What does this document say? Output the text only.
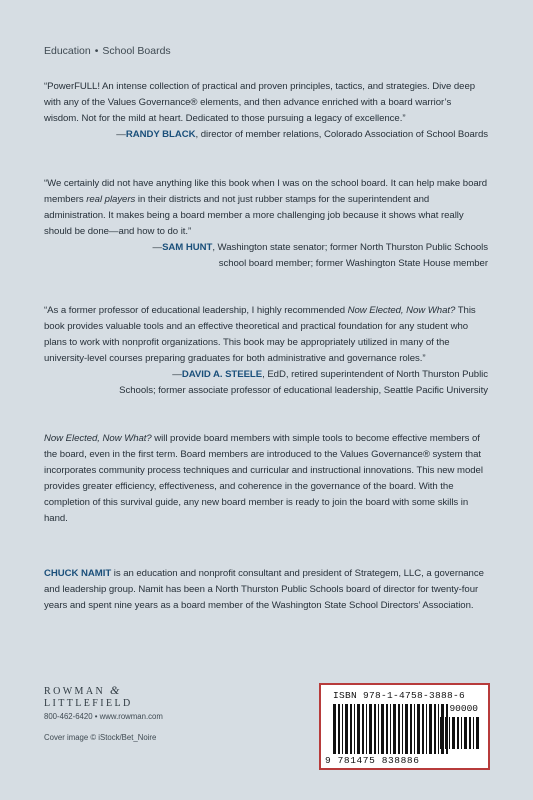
Education • School Boards
“PowerFULL! An intense collection of practical and proven principles, tactics, and strategies. Dive deep with any of the Values Governance® elements, and then advance enriched with a board warrior’s wisdom. Not for the mild at heart. Dedicated to those pursuing a legacy of excellence.”
—RANDY BLACK, director of member relations, Colorado Association of School Boards
“We certainly did not have anything like this book when I was on the school board. It can help make board members real players in their districts and not just rubber stamps for the superintendent and administration. It makes being a board member a more challenging job because it shows what really should be done—and how to do it.”
—SAM HUNT, Washington state senator; former North Thurston Public Schools
school board member; former Washington State House member
“As a former professor of educational leadership, I highly recommended Now Elected, Now What? This book provides valuable tools and an effective theoretical and practical foundation for any student who plans to work with nonprofit organizations. This book may be appropriately utilized in many of the university-level courses preparing graduates for both administrative and governance roles.”
—DAVID A. STEELE, EdD, retired superintendent of North Thurston Public
Schools; former associate professor of educational leadership, Seattle Pacific University
Now Elected, Now What? will provide board members with simple tools to become effective members of the board, even in the first term. Board members are introduced to the Values Governance® system that incorporates community process techniques and curricular and instructional innovations. This new model provides greater efficiency, effectiveness, and coherence in the governance of the board. With the completion of this survival guide, any new board member is ready to join the board with some skills in hand.
CHUCK NAMIT is an education and nonprofit consultant and president of Strategem, LLC, a governance and leadership group. Namit has been a North Thurston Public Schools board of director for twenty-four years and spent nine years as a board member of the Washington State School Directors’ Association.
ROWMAN &
LITTLEFIELD
800-462-6420 • www.rowman.com
Cover image © iStock/Bet_Noire
ISBN 978-1-4758-3888-6
90000
9 781475 838886
